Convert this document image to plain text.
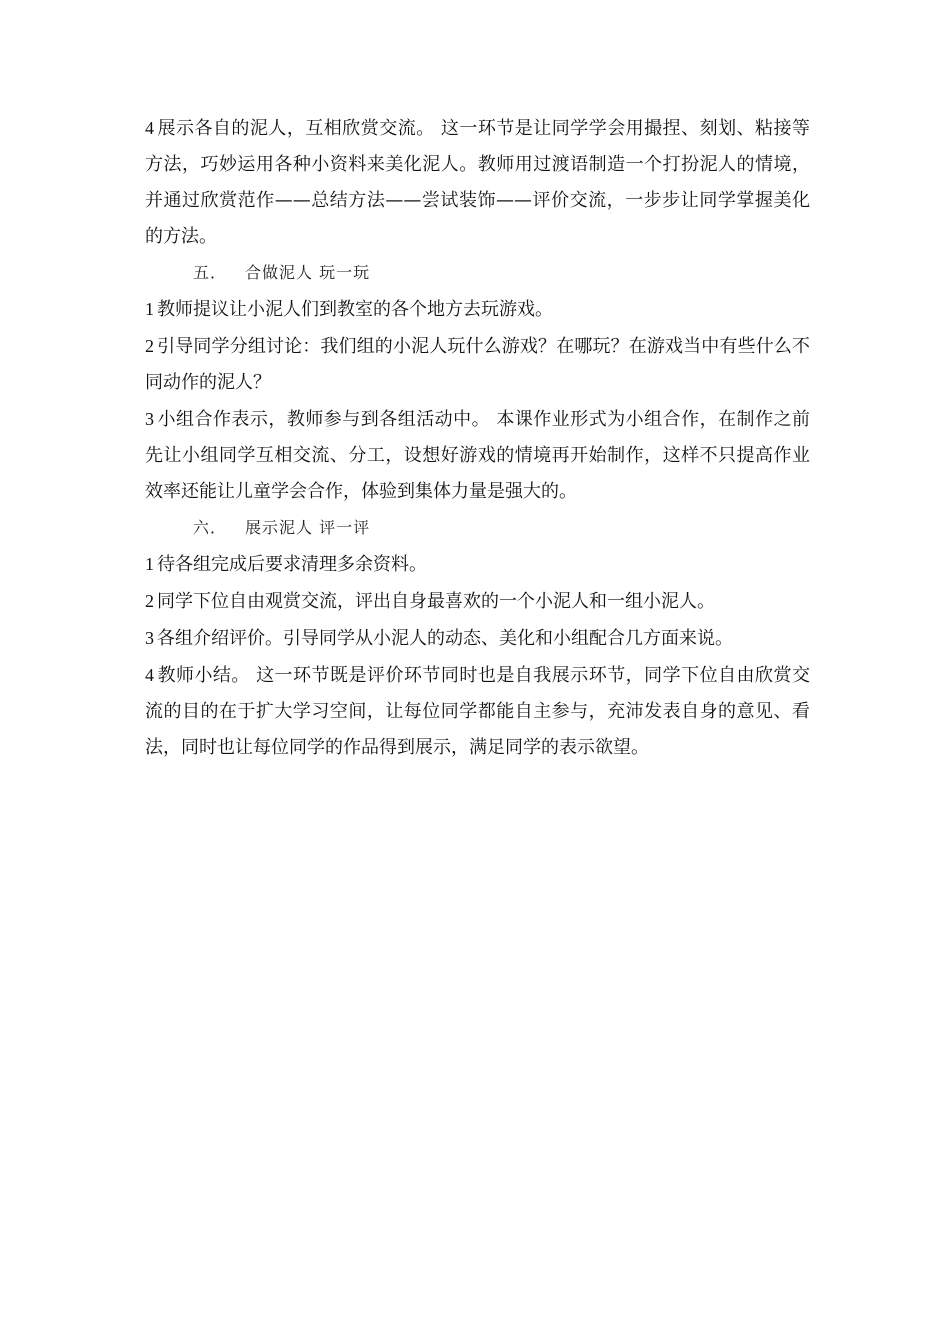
4 展示各自的泥人，互相欣赏交流。 这一环节是让同学学会用撮捏、刻划、粘接等方法，巧妙运用各种小资料来美化泥人。教师用过渡语制造一个打扮泥人的情境，并通过欣赏范作——总结方法——尝试装饰——评价交流，一步步让同学掌握美化的方法。

五． 合做泥人 玩一玩

1 教师提议让小泥人们到教室的各个地方去玩游戏。

2 引导同学分组讨论：我们组的小泥人玩什么游戏？在哪玩？在游戏当中有些什么不同动作的泥人？

3 小组合作表示，教师参与到各组活动中。 本课作业形式为小组合作，在制作之前先让小组同学互相交流、分工，设想好游戏的情境再开始制作，这样不只提高作业效率还能让儿童学会合作，体验到集体力量是强大的。

六． 展示泥人 评一评

1 待各组完成后要求清理多余资料。

2 同学下位自由观赏交流，评出自身最喜欢的一个小泥人和一组小泥人。

3 各组介绍评价。引导同学从小泥人的动态、美化和小组配合几方面来说。

4 教师小结。 这一环节既是评价环节同时也是自我展示环节，同学下位自由欣赏交流的目的在于扩大学习空间，让每位同学都能自主参与，充沛发表自身的意见、看法，同时也让每位同学的作品得到展示，满足同学的表示欲望。
